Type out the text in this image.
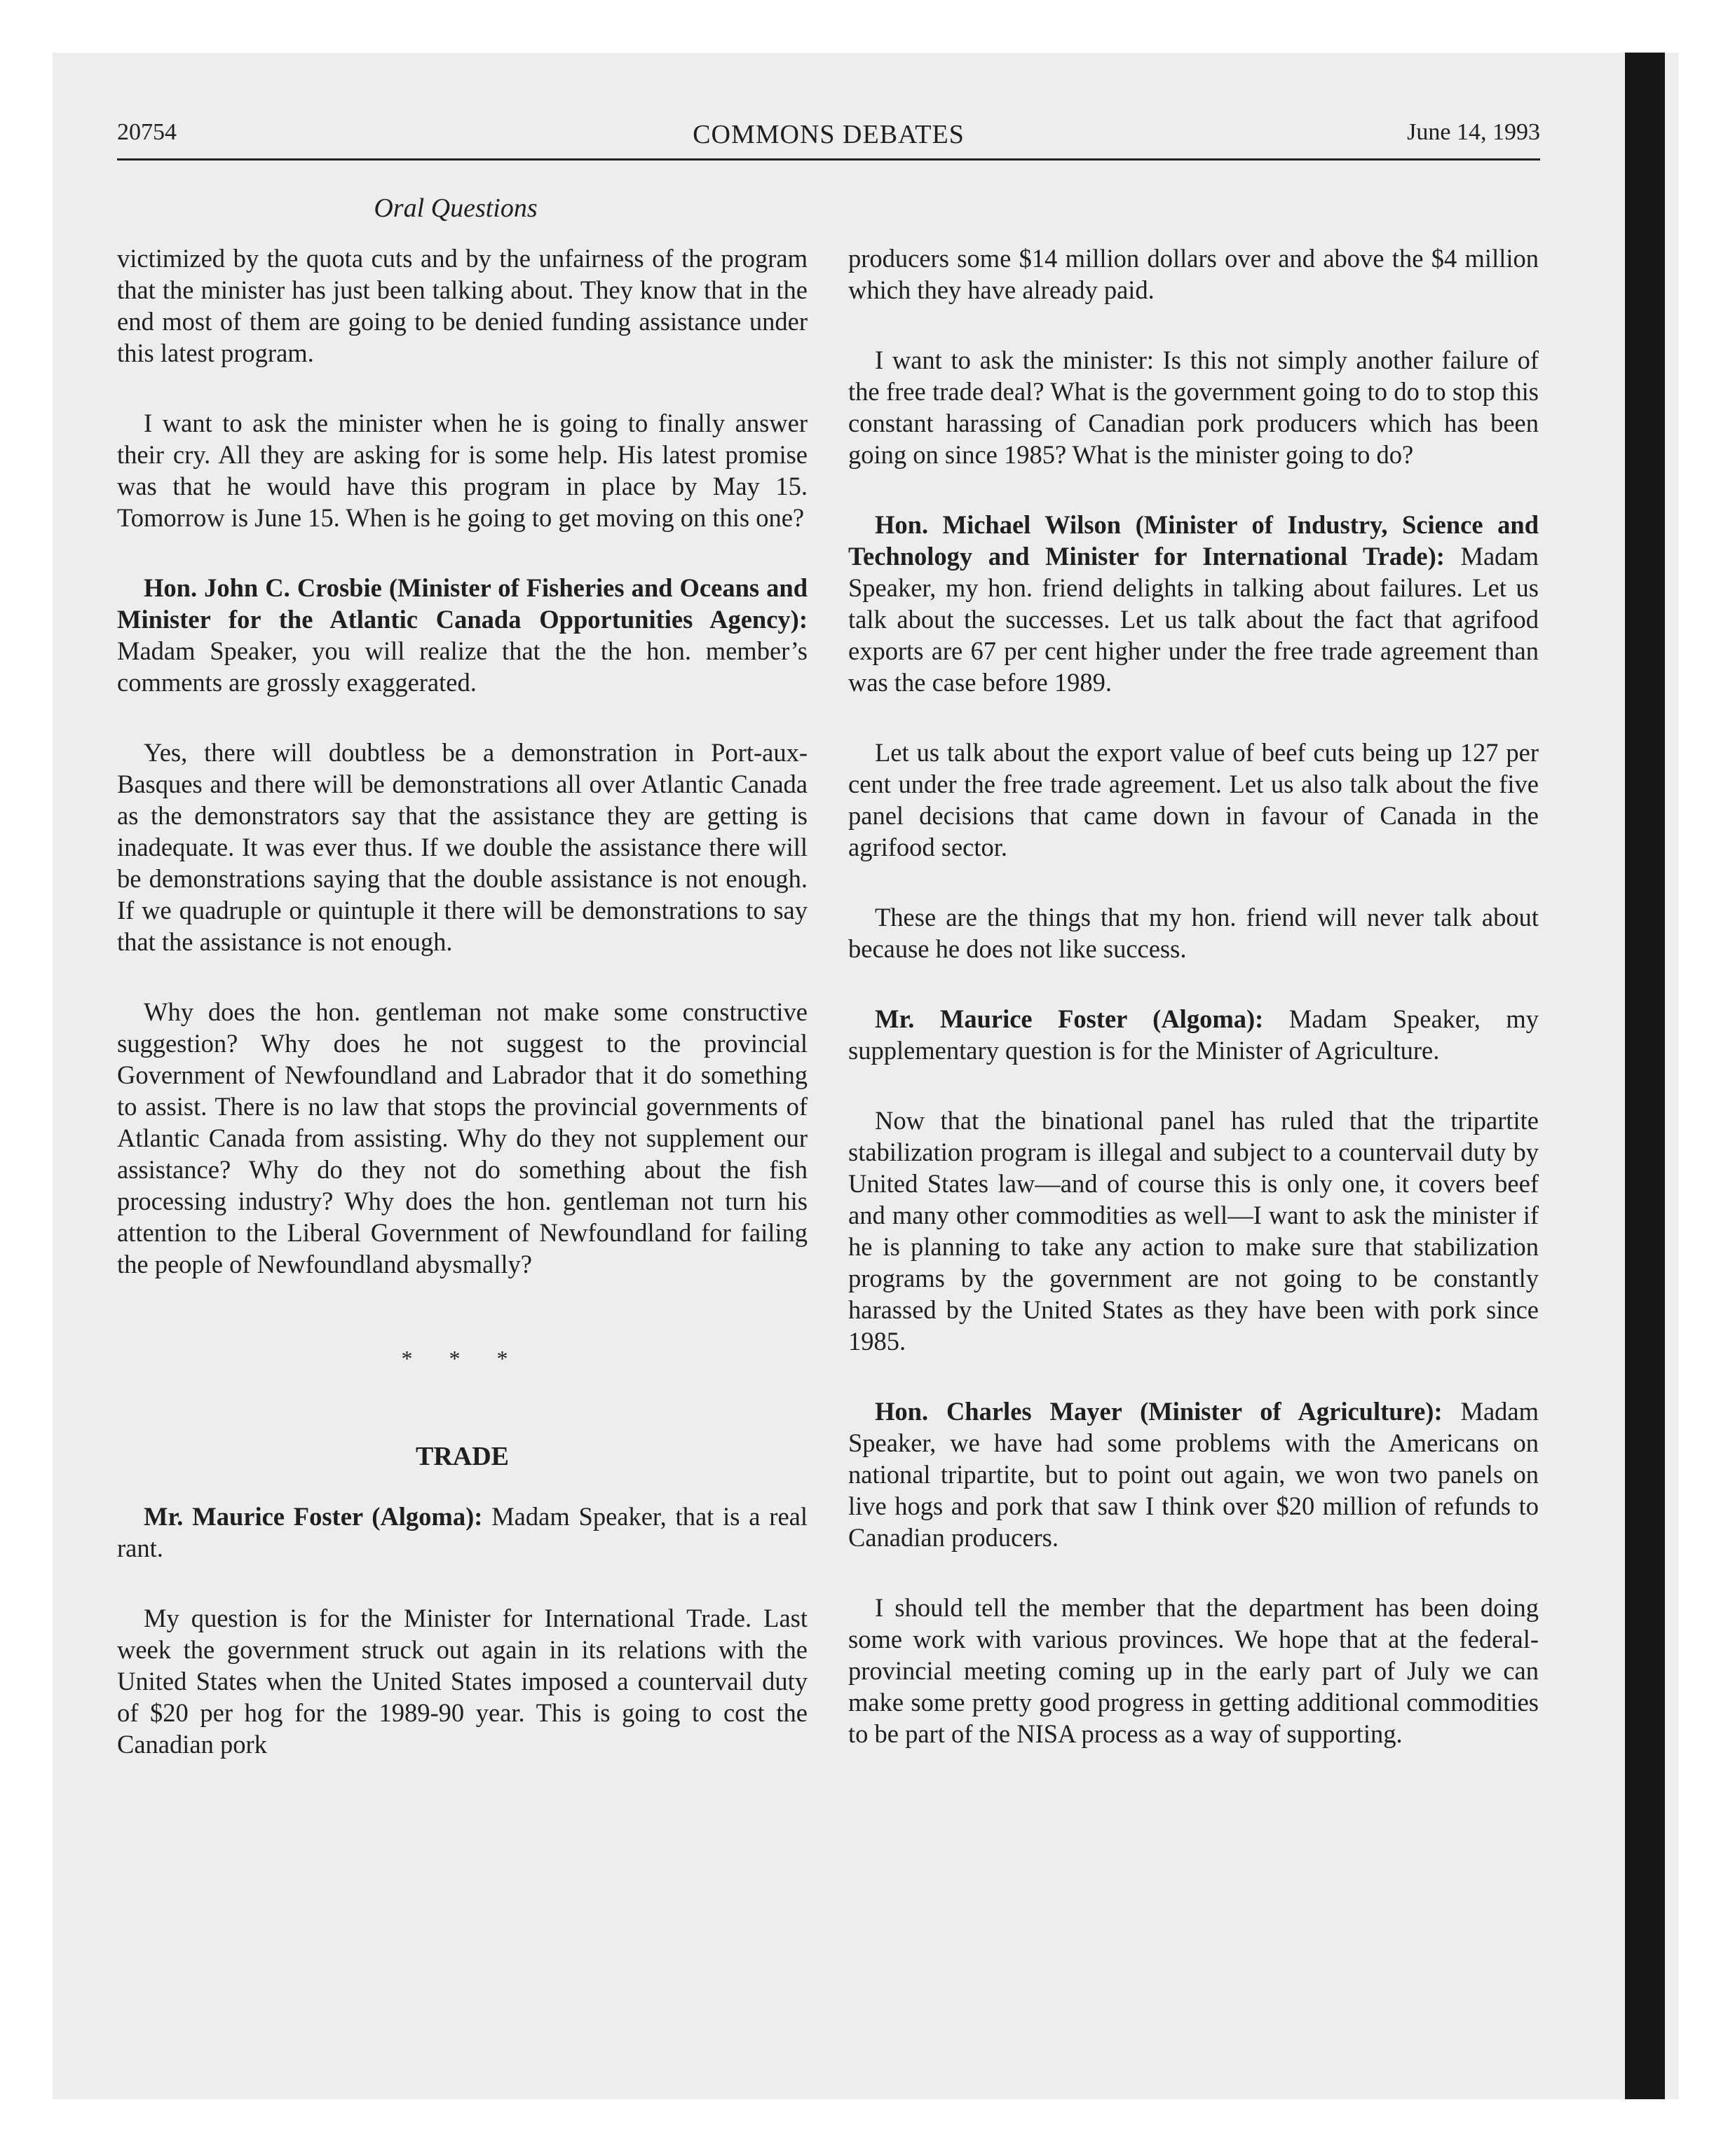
20754	COMMONS DEBATES	June 14, 1993
Oral Questions

victimized by the quota cuts and by the unfairness of the program that the minister has just been talking about. They know that in the end most of them are going to be denied funding assistance under this latest program.

I want to ask the minister when he is going to finally answer their cry. All they are asking for is some help. His latest promise was that he would have this program in place by May 15. Tomorrow is June 15. When is he going to get moving on this one?

Hon. John C. Crosbie (Minister of Fisheries and Oceans and Minister for the Atlantic Canada Opportunities Agency): Madam Speaker, you will realize that the the hon. member’s comments are grossly exaggerated.

Yes, there will doubtless be a demonstration in Port-aux-Basques and there will be demonstrations all over Atlantic Canada as the demonstrators say that the assistance they are getting is inadequate. It was ever thus. If we double the assistance there will be demonstrations saying that the double assistance is not enough. If we quadruple or quintuple it there will be demonstrations to say that the assistance is not enough.

Why does the hon. gentleman not make some constructive suggestion? Why does he not suggest to the provincial Government of Newfoundland and Labrador that it do something to assist. There is no law that stops the provincial governments of Atlantic Canada from assisting. Why do they not supplement our assistance? Why do they not do something about the fish processing industry? Why does the hon. gentleman not turn his attention to the Liberal Government of Newfoundland for failing the people of Newfoundland abysmally?

* * *
TRADE

Mr. Maurice Foster (Algoma): Madam Speaker, that is a real rant.

My question is for the Minister for International Trade. Last week the government struck out again in its relations with the United States when the United States imposed a countervail duty of $20 per hog for the 1989-90 year. This is going to cost the Canadian pork

producers some $14 million dollars over and above the $4 million which they have already paid.

I want to ask the minister: Is this not simply another failure of the free trade deal? What is the government going to do to stop this constant harassing of Canadian pork producers which has been going on since 1985? What is the minister going to do?

Hon. Michael Wilson (Minister of Industry, Science and Technology and Minister for International Trade): Madam Speaker, my hon. friend delights in talking about failures. Let us talk about the successes. Let us talk about the fact that agrifood exports are 67 per cent higher under the free trade agreement than was the case before 1989.

Let us talk about the export value of beef cuts being up 127 per cent under the free trade agreement. Let us also talk about the five panel decisions that came down in favour of Canada in the agrifood sector.

These are the things that my hon. friend will never talk about because he does not like success.

Mr. Maurice Foster (Algoma): Madam Speaker, my supplementary question is for the Minister of Agriculture.

Now that the binational panel has ruled that the tripartite stabilization program is illegal and subject to a countervail duty by United States law—and of course this is only one, it covers beef and many other commodities as well—I want to ask the minister if he is planning to take any action to make sure that stabilization programs by the government are not going to be constantly harassed by the United States as they have been with pork since 1985.

Hon. Charles Mayer (Minister of Agriculture): Madam Speaker, we have had some problems with the Americans on national tripartite, but to point out again, we won two panels on live hogs and pork that saw I think over $20 million of refunds to Canadian producers.

I should tell the member that the department has been doing some work with various provinces. We hope that at the federal-provincial meeting coming up in the early part of July we can make some pretty good progress in getting additional commodities to be part of the NISA process as a way of supporting.
